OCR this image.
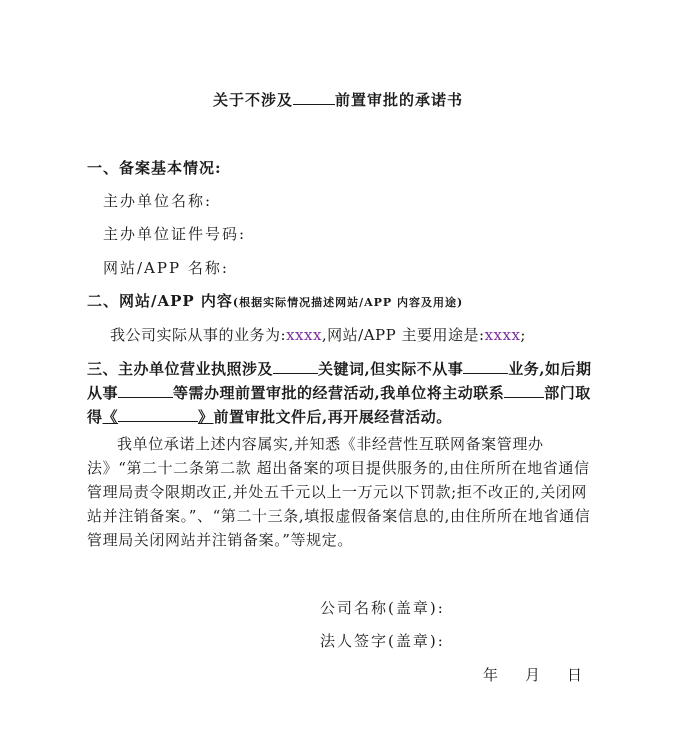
关于不涉及	前置审批的承诺书
一、备案基本情况:
主办单位名称:
主办单位证件号码:
网站/APP 名称:
二、网站/APP 内容(根据实际情况描述网站/APP 内容及用途)
我公司实际从事的业务为:xxxx,网站/APP 主要用途是:xxxx;
三、主办单位营业执照涉及	关键词,但实际不从事	业务,如后期从事	等需办理前置审批的经营活动,我单位将主动联系	部门取得《	》前置审批文件后,再开展经营活动。
我单位承诺上述内容属实,并知悉《非经营性互联网备案管理办法》“第二十二条第二款 超出备案的项目提供服务的,由住所所在地省通信管理局责令限期改正,并处五千元以上一万元以下罚款;拒不改正的,关闭网站并注销备案。”、“第二十三条,填报虚假备案信息的,由住所所在地省通信管理局关闭网站并注销备案。”等规定。
公司名称(盖章):
法人签字(盖章):
年 月 日
